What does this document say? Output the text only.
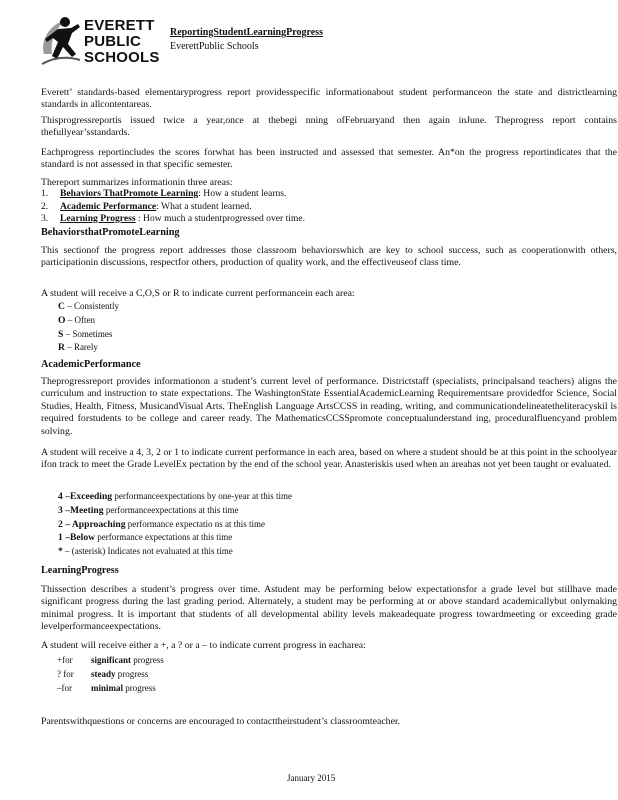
EVERETT
PUBLIC
SCHOOLS
ReportingStudentLearningProgress
EverettPublic Schools
Everett’ standards-based elementaryprogress report providesspecific informationabout student performanceon the state and districtlearning standards in allcontentareas.
Thisprogressreportis issued twice a year,once at thebegi nning ofFebruaryand then again inJune. Theprogress report contains thefullyear’sstandards.
Eachprogress reportincludes the scores forwhat has been instructed and assessed that semester. An*on the progress reportindicates that the standard is not assessed in that specific semester.
Thereport summarizes informationin three areas:
1. Behaviors ThatPromote Learning: How a student learns.
2. Academic Performance: What a student learned.
3. Learning Progress : How much a studentprogressed over time.
BehaviorsthatPromoteLearning
This sectionof the progress report addresses those classroom behaviorswhich are key to school success, such as cooperationwith others, participationin discussions, respectfor others, production of quality work, and the effectiveuseof class time.
A student will receive a C,O,S or R to indicate current performancein each area:
C – Consistently
O – Often
S – Sometimes
R – Rarely
AcademicPerformance
Theprogressreport provides informationon a student’s current level of performance. Districtstaff (specialists, principalsand teachers) aligns the curriculum and instruction to state expectations. The WashingtonState EssentialAcademicLearning Requirementsare providedfor Science, Social Studies, Health, Fitness, MusicandVisual Arts. TheEnglish Language ArtsCCSS in reading, writing, and communicationdelineatetheliteracyskil ls required forstudents to be college and career ready. The MathematicsCCSSpromote conceptualunderstand ing, proceduralfluencyand problem solving.
A student will receive a 4, 3, 2 or 1 to indicate current performance in each area, based on where a student should be at this point in the schoolyear ifon track to meet the Grade LevelEx pectation by the end of the school year. Anasteriskis used when an areahas not yet been taught or evaluated.
4 –Exceeding performanceexpectations by one-year at this time
3 –Meeting performanceexpectations at this time
2 – Approaching performance expectatio ns at this time
1 –Below performance expectations at this time
* – (asterisk) Indicates not evaluated at this time
LearningProgress
Thissection describes a student’s progress over time. Astudent may be performing below expectationsfor a grade level but stillhave made significant progress during the last grading period. Alternately, a student may be performing at or above standard academicallybut onlymaking minimal progress. It is important that students of all developmental ability levels makeadequate progress towardmeeting or exceeding grade levelperformanceexpectations.
A student will receive either a +, a ? or a – to indicate current progress in eacharea:
+for significant progress
? for steady progress
–for minimal progress
Parentswithquestions or concerns are encouraged to contacttheirstudent’s classroomteacher.
January 2015
